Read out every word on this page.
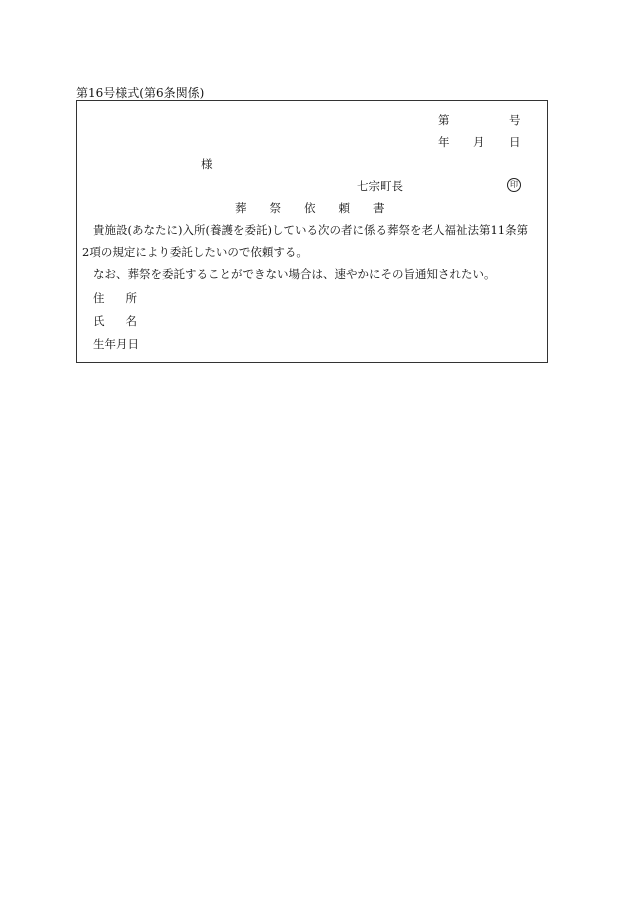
第16号様式(第6条関係)
第	号
年 月 日
様
七宗町長	印
葬祭依頼書
貴施設(あなたに)入所(養護を委託)している次の者に係る葬祭を老人福祉法第11条第
2項の規定により委託したいので依頼する。
なお、葬祭を委託することができない場合は、速やかにその旨通知されたい。
住所
氏名
生年月日
